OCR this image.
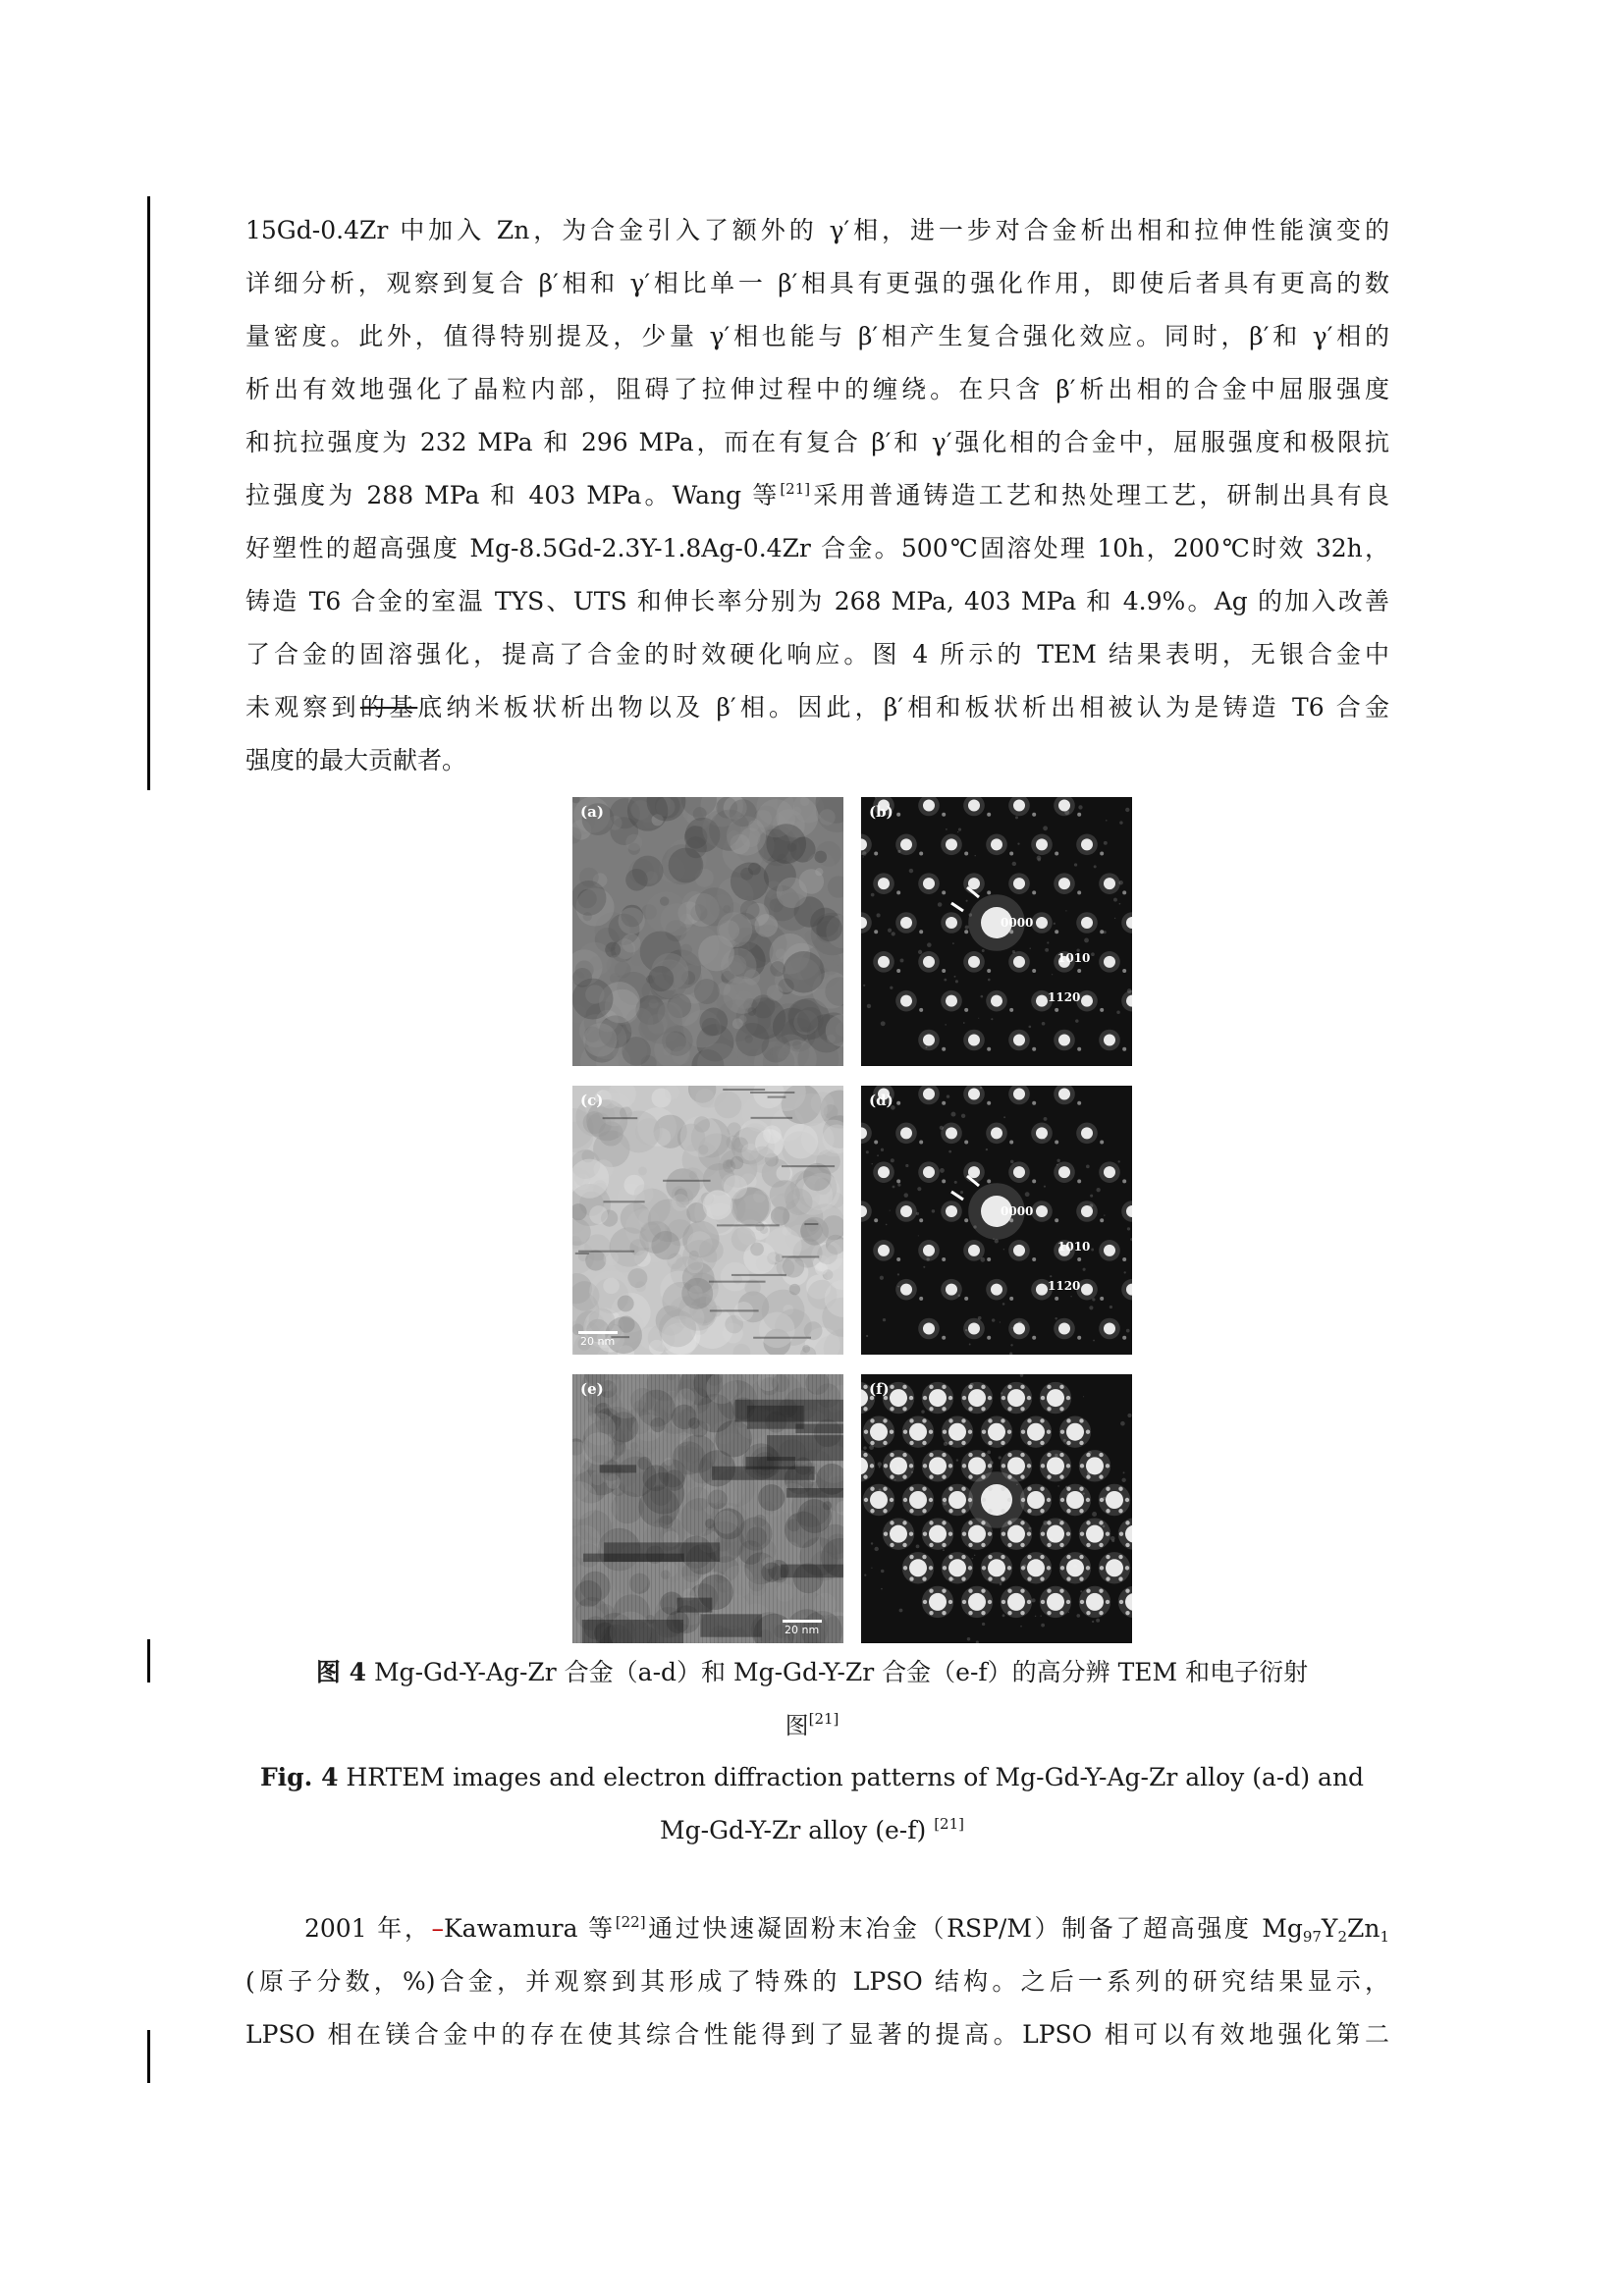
15Gd-0.4Zr 中加入 Zn，为合金引入了额外的 γ′相，进一步对合金析出相和拉伸性能演变的
详细分析，观察到复合 β′相和 γ′相比单一 β′相具有更强的强化作用，即使后者具有更高的数
量密度。此外，值得特别提及，少量 γ′相也能与 β′相产生复合强化效应。同时，β′和 γ′相的
析出有效地强化了晶粒内部，阻碍了拉伸过程中的缠绕。在只含 β′析出相的合金中屈服强度
和抗拉强度为 232 MPa 和 296 MPa，而在有复合 β′和 γ′强化相的合金中，屈服强度和极限抗
拉强度为 288 MPa 和 403 MPa。Wang 等[21]采用普通铸造工艺和热处理工艺，研制出具有良
好塑性的超高强度 Mg-8.5Gd-2.3Y-1.8Ag-0.4Zr 合金。500℃固溶处理 10h，200℃时效 32h，
铸造 T6 合金的室温 TYS、UTS 和伸长率分别为 268 MPa, 403 MPa 和 4.9%。Ag 的加入改善
了合金的固溶强化，提高了合金的时效硬化响应。图 4 所示的 TEM 结果表明，无银合金中
未观察到的基底纳米板状析出物以及 β′相。因此，β′相和板状析出相被认为是铸造 T6 合金
强度的最大贡献者。
(a)
0000
1010
1120
(b)
20 nm
(c)
0000
1010
1120
(d)
20 nm
(e)	(f)
图 4 Mg-Gd-Y-Ag-Zr 合金（a-d）和 Mg-Gd-Y-Zr 合金（e-f）的高分辨 TEM 和电子衍射
图[21]
Fig. 4 HRTEM images and electron diffraction patterns of Mg-Gd-Y-Ag-Zr alloy (a-d) and
Mg-Gd-Y-Zr alloy (e-f) [21]
2001 年，–Kawamura 等[22]通过快速凝固粉末冶金（RSP/M）制备了超高强度 $Mg_{97}Y_2Zn_1$
(原子分数，%)合金，并观察到其形成了特殊的 LPSO 结构。之后一系列的研究结果显示，
LPSO 相在镁合金中的存在使其综合性能得到了显著的提高。LPSO 相可以有效地强化第二
